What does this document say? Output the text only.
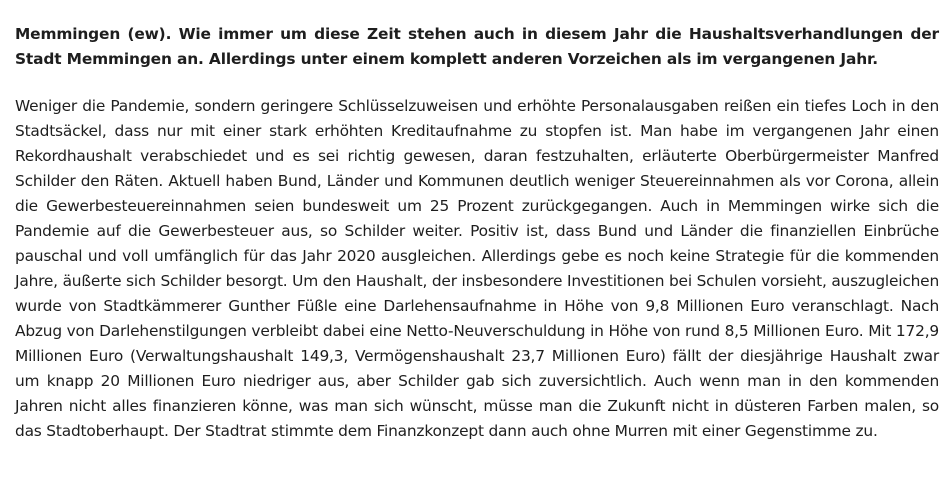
Memmingen (ew). Wie immer um diese Zeit stehen auch in diesem Jahr die Haushaltsverhandlungen der Stadt Memmingen an. Allerdings unter einem komplett anderen Vorzeichen als im vergangenen Jahr.

Weniger die Pandemie, sondern geringere Schlüsselzuweisen und erhöhte Personalausgaben reißen ein tiefes Loch in den Stadtsäckel, dass nur mit einer stark erhöhten Kreditaufnahme zu stopfen ist. Man habe im vergangenen Jahr einen Rekordhaushalt verabschiedet und es sei richtig gewesen, daran festzuhalten, erläuterte Oberbürgermeister Manfred Schilder den Räten. Aktuell haben Bund, Länder und Kommunen deutlich weniger Steuereinnahmen als vor Corona, allein die Gewerbesteuereinnahmen seien bundesweit um 25 Prozent zurückgegangen. Auch in Memmingen wirke sich die Pandemie auf die Gewerbesteuer aus, so Schilder weiter. Positiv ist, dass Bund und Länder die finanziellen Einbrüche pauschal und voll umfänglich für das Jahr 2020 ausgleichen. Allerdings gebe es noch keine Strategie für die kommenden Jahre, äußerte sich Schilder besorgt. Um den Haushalt, der insbesondere Investitionen bei Schulen vorsieht, auszugleichen wurde von Stadtkämmerer Gunther Füßle eine Darlehensaufnahme in Höhe von 9,8 Millionen Euro veranschlagt. Nach Abzug von Darlehenstilgungen verbleibt dabei eine Netto-Neuverschuldung in Höhe von rund 8,5 Millionen Euro. Mit 172,9 Millionen Euro (Verwaltungshaushalt 149,3, Vermögenshaushalt 23,7 Millionen Euro) fällt der diesjährige Haushalt zwar um knapp 20 Millionen Euro niedriger aus, aber Schilder gab sich zuversichtlich. Auch wenn man in den kommenden Jahren nicht alles finanzieren könne, was man sich wünscht, müsse man die Zukunft nicht in düsteren Farben malen, so das Stadtoberhaupt. Der Stadtrat stimmte dem Finanzkonzept dann auch ohne Murren mit einer Gegenstimme zu.
